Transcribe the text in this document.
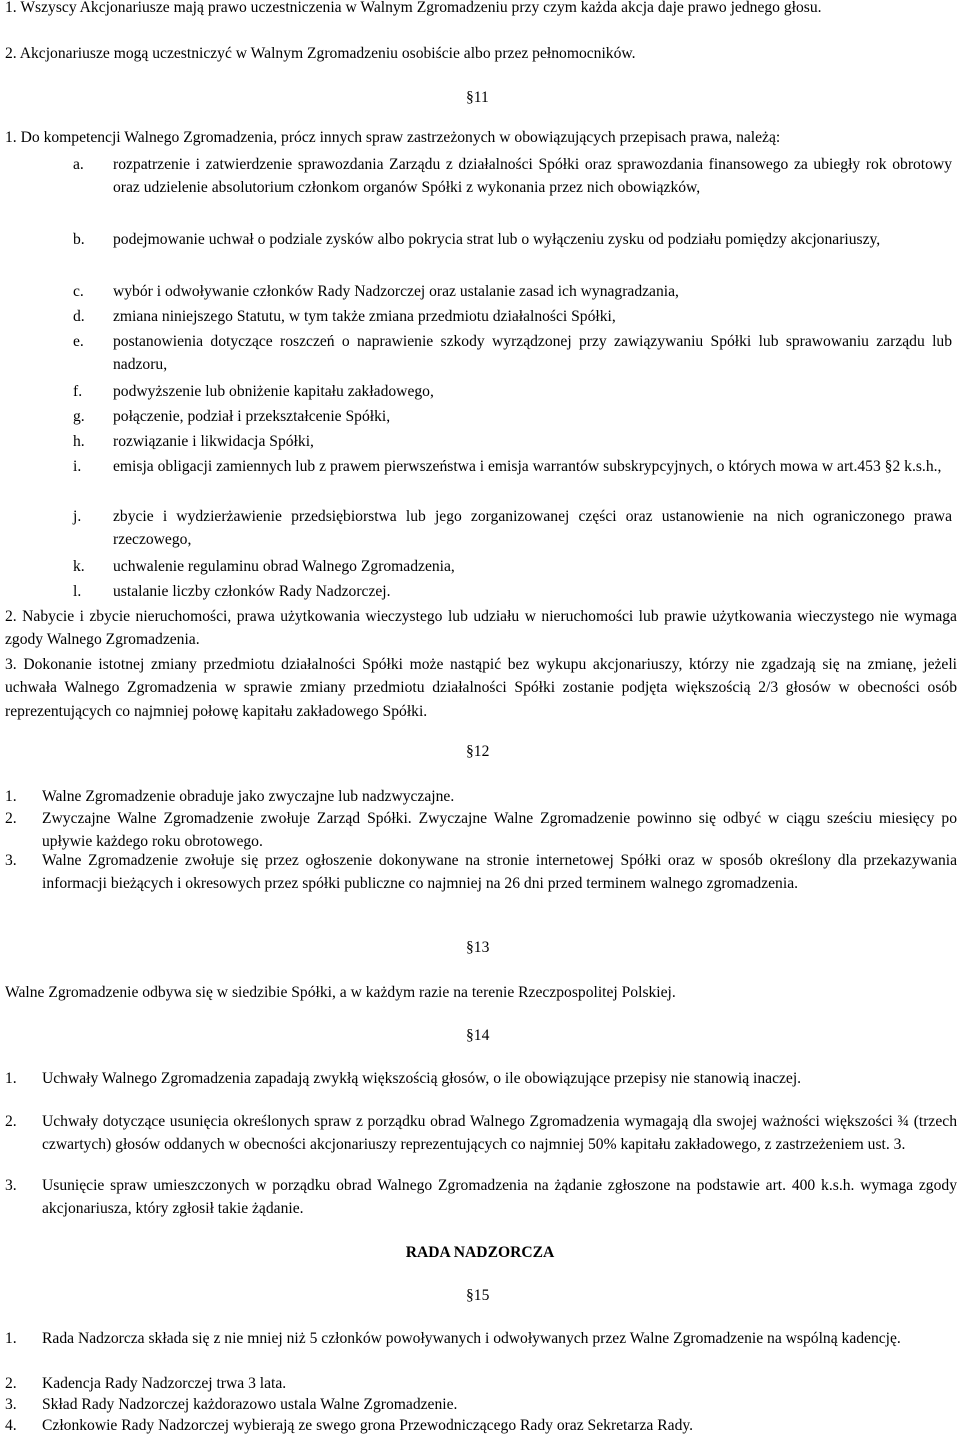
1. Wszyscy Akcjonariusze mają prawo uczestniczenia w Walnym Zgromadzeniu przy czym każda akcja daje prawo jednego głosu.
2. Akcjonariusze mogą uczestniczyć w Walnym Zgromadzeniu osobiście albo przez pełnomocników.
§11
1. Do kompetencji Walnego Zgromadzenia, prócz innych spraw zastrzeżonych w obowiązujących przepisach prawa, należą:
a. rozpatrzenie i zatwierdzenie sprawozdania Zarządu z działalności Spółki oraz sprawozdania finansowego za ubiegły rok obrotowy oraz udzielenie absolutorium członkom organów Spółki z wykonania przez nich obowiązków,
b. podejmowanie uchwał o podziale zysków albo pokrycia strat lub o wyłączeniu zysku od podziału pomiędzy akcjonariuszy,
c. wybór i odwoływanie członków Rady Nadzorczej oraz ustalanie zasad ich wynagradzania,
d. zmiana niniejszego Statutu, w tym także zmiana przedmiotu działalności Spółki,
e. postanowienia dotyczące roszczeń o naprawienie szkody wyrządzonej przy zawiązywaniu Spółki lub sprawowaniu zarządu lub nadzoru,
f. podwyższenie lub obniżenie kapitału zakładowego,
g. połączenie, podział i przekształcenie Spółki,
h. rozwiązanie i likwidacja Spółki,
i. emisja obligacji zamiennych lub z prawem pierwszeństwa i emisja warrantów subskrypcyjnych, o których mowa w art.453 §2 k.s.h.,
j. zbycie i wydzierżawienie przedsiębiorstwa lub jego zorganizowanej części oraz ustanowienie na nich ograniczonego prawa rzeczowego,
k. uchwalenie regulaminu obrad Walnego Zgromadzenia,
l. ustalanie liczby członków Rady Nadzorczej.
2. Nabycie i zbycie nieruchomości, prawa użytkowania wieczystego lub udziału w nieruchomości lub prawie użytkowania wieczystego nie wymaga zgody Walnego Zgromadzenia.
3. Dokonanie istotnej zmiany przedmiotu działalności Spółki może nastąpić bez wykupu akcjonariuszy, którzy nie zgadzają się na zmianę, jeżeli uchwała Walnego Zgromadzenia w sprawie zmiany przedmiotu działalności Spółki zostanie podjęta większością 2/3 głosów w obecności osób reprezentujących co najmniej połowę kapitału zakładowego Spółki.
§12
1. Walne Zgromadzenie obraduje jako zwyczajne lub nadzwyczajne.
2. Zwyczajne Walne Zgromadzenie zwołuje Zarząd Spółki. Zwyczajne Walne Zgromadzenie powinno się odbyć w ciągu sześciu miesięcy po upływie każdego roku obrotowego.
3. Walne Zgromadzenie zwołuje się przez ogłoszenie dokonywane na stronie internetowej Spółki oraz w sposób określony dla przekazywania informacji bieżących i okresowych przez spółki publiczne co najmniej na 26 dni przed terminem walnego zgromadzenia.
§13
Walne Zgromadzenie odbywa się w siedzibie Spółki, a w każdym razie na terenie Rzeczpospolitej Polskiej.
§14
1. Uchwały Walnego Zgromadzenia zapadają zwykłą większością głosów, o ile obowiązujące przepisy nie stanowią inaczej.
2. Uchwały dotyczące usunięcia określonych spraw z porządku obrad Walnego Zgromadzenia wymagają dla swojej ważności większości ¾ (trzech czwartych) głosów oddanych w obecności akcjonariuszy reprezentujących co najmniej 50% kapitału zakładowego, z zastrzeżeniem ust. 3.
3. Usunięcie spraw umieszczonych w porządku obrad Walnego Zgromadzenia na żądanie zgłoszone na podstawie art. 400 k.s.h. wymaga zgody akcjonariusza, który zgłosił takie żądanie.
RADA NADZORCZA
§15
1. Rada Nadzorcza składa się z nie mniej niż 5 członków powoływanych i odwoływanych przez Walne Zgromadzenie na wspólną kadencję.
2. Kadencja Rady Nadzorczej trwa 3 lata.
3. Skład Rady Nadzorczej każdorazowo ustala Walne Zgromadzenie.
4. Członkowie Rady Nadzorczej wybierają ze swego grona Przewodniczącego Rady oraz Sekretarza Rady.
